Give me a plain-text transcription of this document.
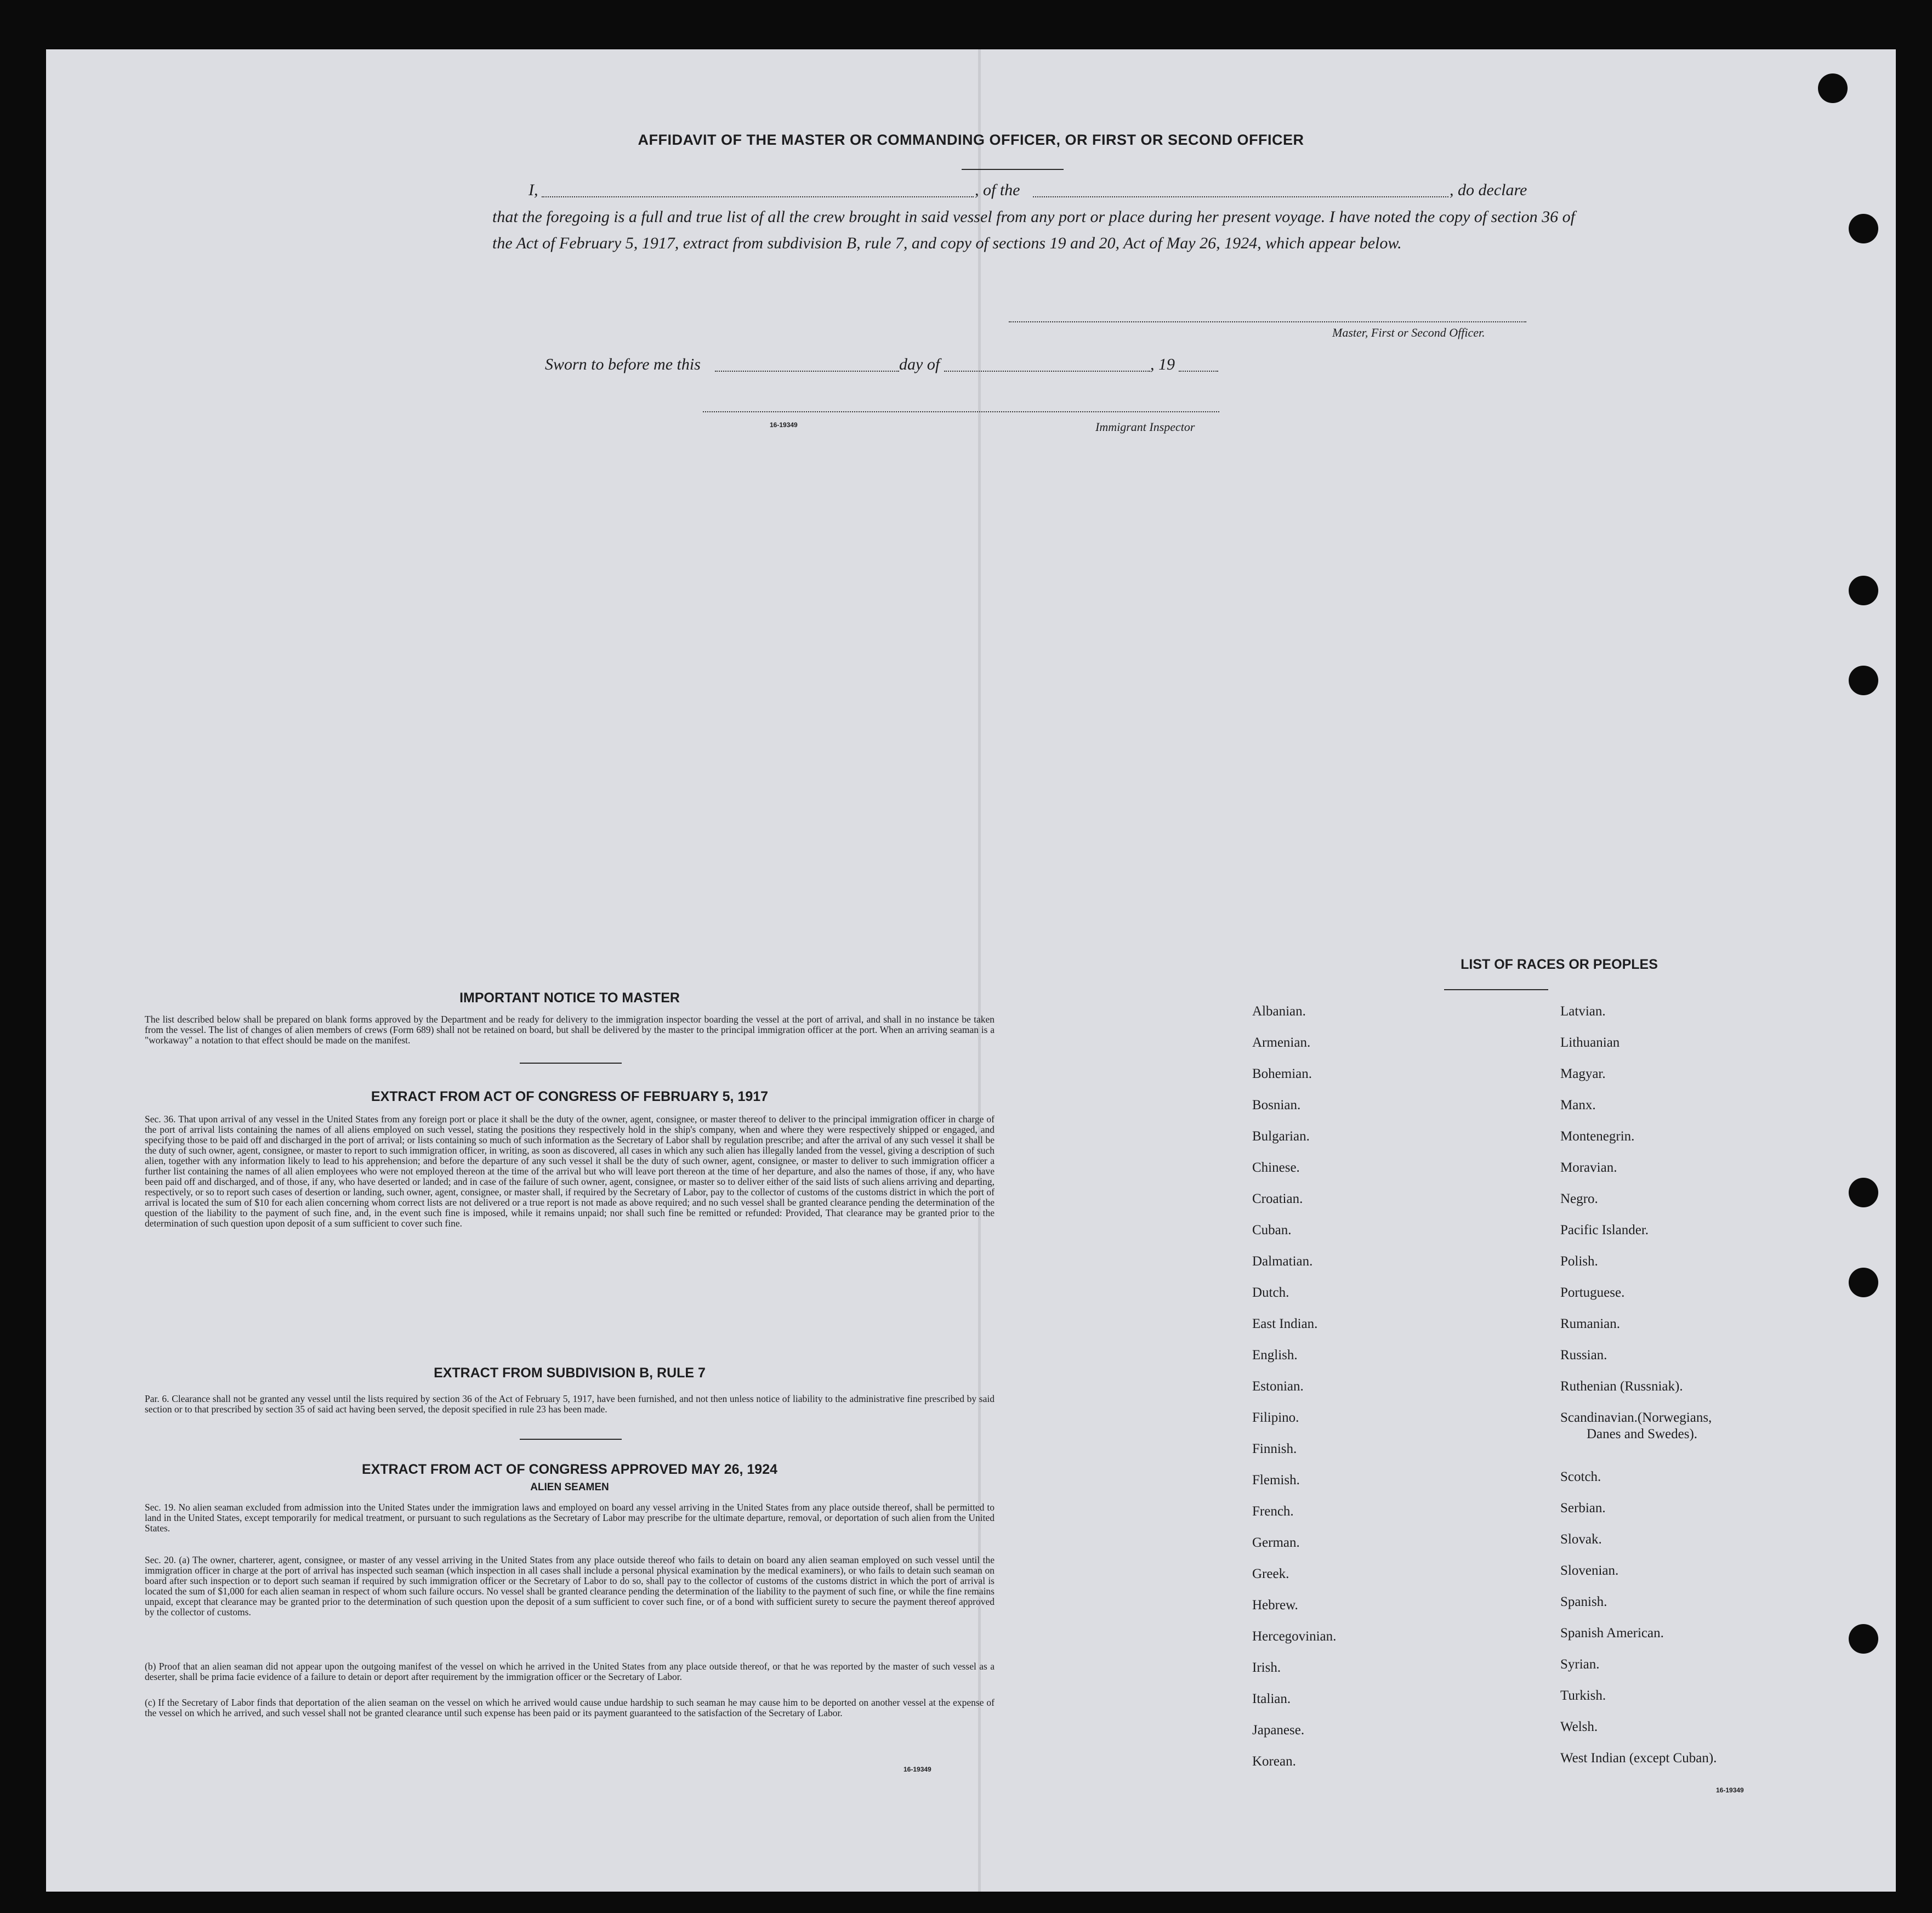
AFFIDAVIT OF THE MASTER OR COMMANDING OFFICER, OR FIRST OR SECOND OFFICER
I,	, of the	, do declare
that the foregoing is a full and true list of all the crew brought in said vessel from any port or place during her present voyage. I have noted the copy of section 36 of the Act of February 5, 1917, extract from subdivision B, rule 7, and copy of sections 19 and 20, Act of May 26, 1924, which appear below.
Master, First or Second Officer.
Sworn to before me this	day of	, 19
16-19349	Immigrant Inspector
IMPORTANT NOTICE TO MASTER

The list described below shall be prepared on blank forms approved by the Department and be ready for delivery to the immigration inspector boarding the vessel at the port of arrival, and shall in no instance be taken from the vessel. The list of changes of alien members of crews (Form 689) shall not be retained on board, but shall be delivered by the master to the principal immigration officer at the port. When an arriving seaman is a "workaway" a notation to that effect should be made on the manifest.

EXTRACT FROM ACT OF CONGRESS OF FEBRUARY 5, 1917

Sec. 36. That upon arrival of any vessel in the United States from any foreign port or place it shall be the duty of the owner, agent, consignee, or master thereof to deliver to the principal immigration officer in charge of the port of arrival lists containing the names of all aliens employed on such vessel, stating the positions they respectively hold in the ship's company, when and where they were respectively shipped or engaged, and specifying those to be paid off and discharged in the port of arrival; or lists containing so much of such information as the Secretary of Labor shall by regulation prescribe; and after the arrival of any such vessel it shall be the duty of such owner, agent, consignee, or master to report to such immigration officer, in writing, as soon as discovered, all cases in which any such alien has illegally landed from the vessel, giving a description of such alien, together with any information likely to lead to his apprehension; and before the departure of any such vessel it shall be the duty of such owner, agent, consignee, or master to deliver to such immigration officer a further list containing the names of all alien employees who were not employed thereon at the time of the arrival but who will leave port thereon at the time of her departure, and also the names of those, if any, who have been paid off and discharged, and of those, if any, who have deserted or landed; and in case of the failure of such owner, agent, consignee, or master so to deliver either of the said lists of such aliens arriving and departing, respectively, or so to report such cases of desertion or landing, such owner, agent, consignee, or master shall, if required by the Secretary of Labor, pay to the collector of customs of the customs district in which the port of arrival is located the sum of $10 for each alien concerning whom correct lists are not delivered or a true report is not made as above required; and no such vessel shall be granted clearance pending the determination of the question of the liability to the payment of such fine, and, in the event such fine is imposed, while it remains unpaid; nor shall such fine be remitted or refunded: Provided, That clearance may be granted prior to the determination of such question upon deposit of a sum sufficient to cover such fine.

EXTRACT FROM SUBDIVISION B, RULE 7

Par. 6. Clearance shall not be granted any vessel until the lists required by section 36 of the Act of February 5, 1917, have been furnished, and not then unless notice of liability to the administrative fine prescribed by said section or to that prescribed by section 35 of said act having been served, the deposit specified in rule 23 has been made.

EXTRACT FROM ACT OF CONGRESS APPROVED MAY 26, 1924
ALIEN SEAMEN

Sec. 19. No alien seaman excluded from admission into the United States under the immigration laws and employed on board any vessel arriving in the United States from any place outside thereof, shall be permitted to land in the United States, except temporarily for medical treatment, or pursuant to such regulations as the Secretary of Labor may prescribe for the ultimate departure, removal, or deportation of such alien from the United States.

Sec. 20. (a) The owner, charterer, agent, consignee, or master of any vessel arriving in the United States from any place outside thereof who fails to detain on board any alien seaman employed on such vessel until the immigration officer in charge at the port of arrival has inspected such seaman (which inspection in all cases shall include a personal physical examination by the medical examiners), or who fails to detain such seaman on board after such inspection or to deport such seaman if required by such immigration officer or the Secretary of Labor to do so, shall pay to the collector of customs of the customs district in which the port of arrival is located the sum of $1,000 for each alien seaman in respect of whom such failure occurs. No vessel shall be granted clearance pending the determination of the liability to the payment of such fine, or while the fine remains unpaid, except that clearance may be granted prior to the determination of such question upon the deposit of a sum sufficient to cover such fine, or of a bond with sufficient surety to secure the payment thereof approved by the collector of customs.

(b) Proof that an alien seaman did not appear upon the outgoing manifest of the vessel on which he arrived in the United States from any place outside thereof, or that he was reported by the master of such vessel as a deserter, shall be prima facie evidence of a failure to detain or deport after requirement by the immigration officer or the Secretary of Labor.

(c) If the Secretary of Labor finds that deportation of the alien seaman on the vessel on which he arrived would cause undue hardship to such seaman he may cause him to be deported on another vessel at the expense of the vessel on which he arrived, and such vessel shall not be granted clearance until such expense has been paid or its payment guaranteed to the satisfaction of the Secretary of Labor.

16-19349
LIST OF RACES OR PEOPLES
Albanian.
Armenian.
Bohemian.
Bosnian.
Bulgarian.
Chinese.
Croatian.
Cuban.
Dalmatian.
Dutch.
East Indian.
English.
Estonian.
Filipino.
Finnish.
Flemish.
French.
German.
Greek.
Hebrew.
Hercegovinian.
Irish.
Italian.
Japanese.
Korean.
Latvian.
Lithuanian
Magyar.
Manx.
Montenegrin.
Moravian.
Negro.
Pacific Islander.
Polish.
Portuguese.
Rumanian.
Russian.
Ruthenian (Russniak).
Scandinavian.(Norwegians,
Danes and Swedes).
Scotch.
Serbian.
Slovak.
Slovenian.
Spanish.
Spanish American.
Syrian.
Turkish.
Welsh.
West Indian (except Cuban).
16-19349
